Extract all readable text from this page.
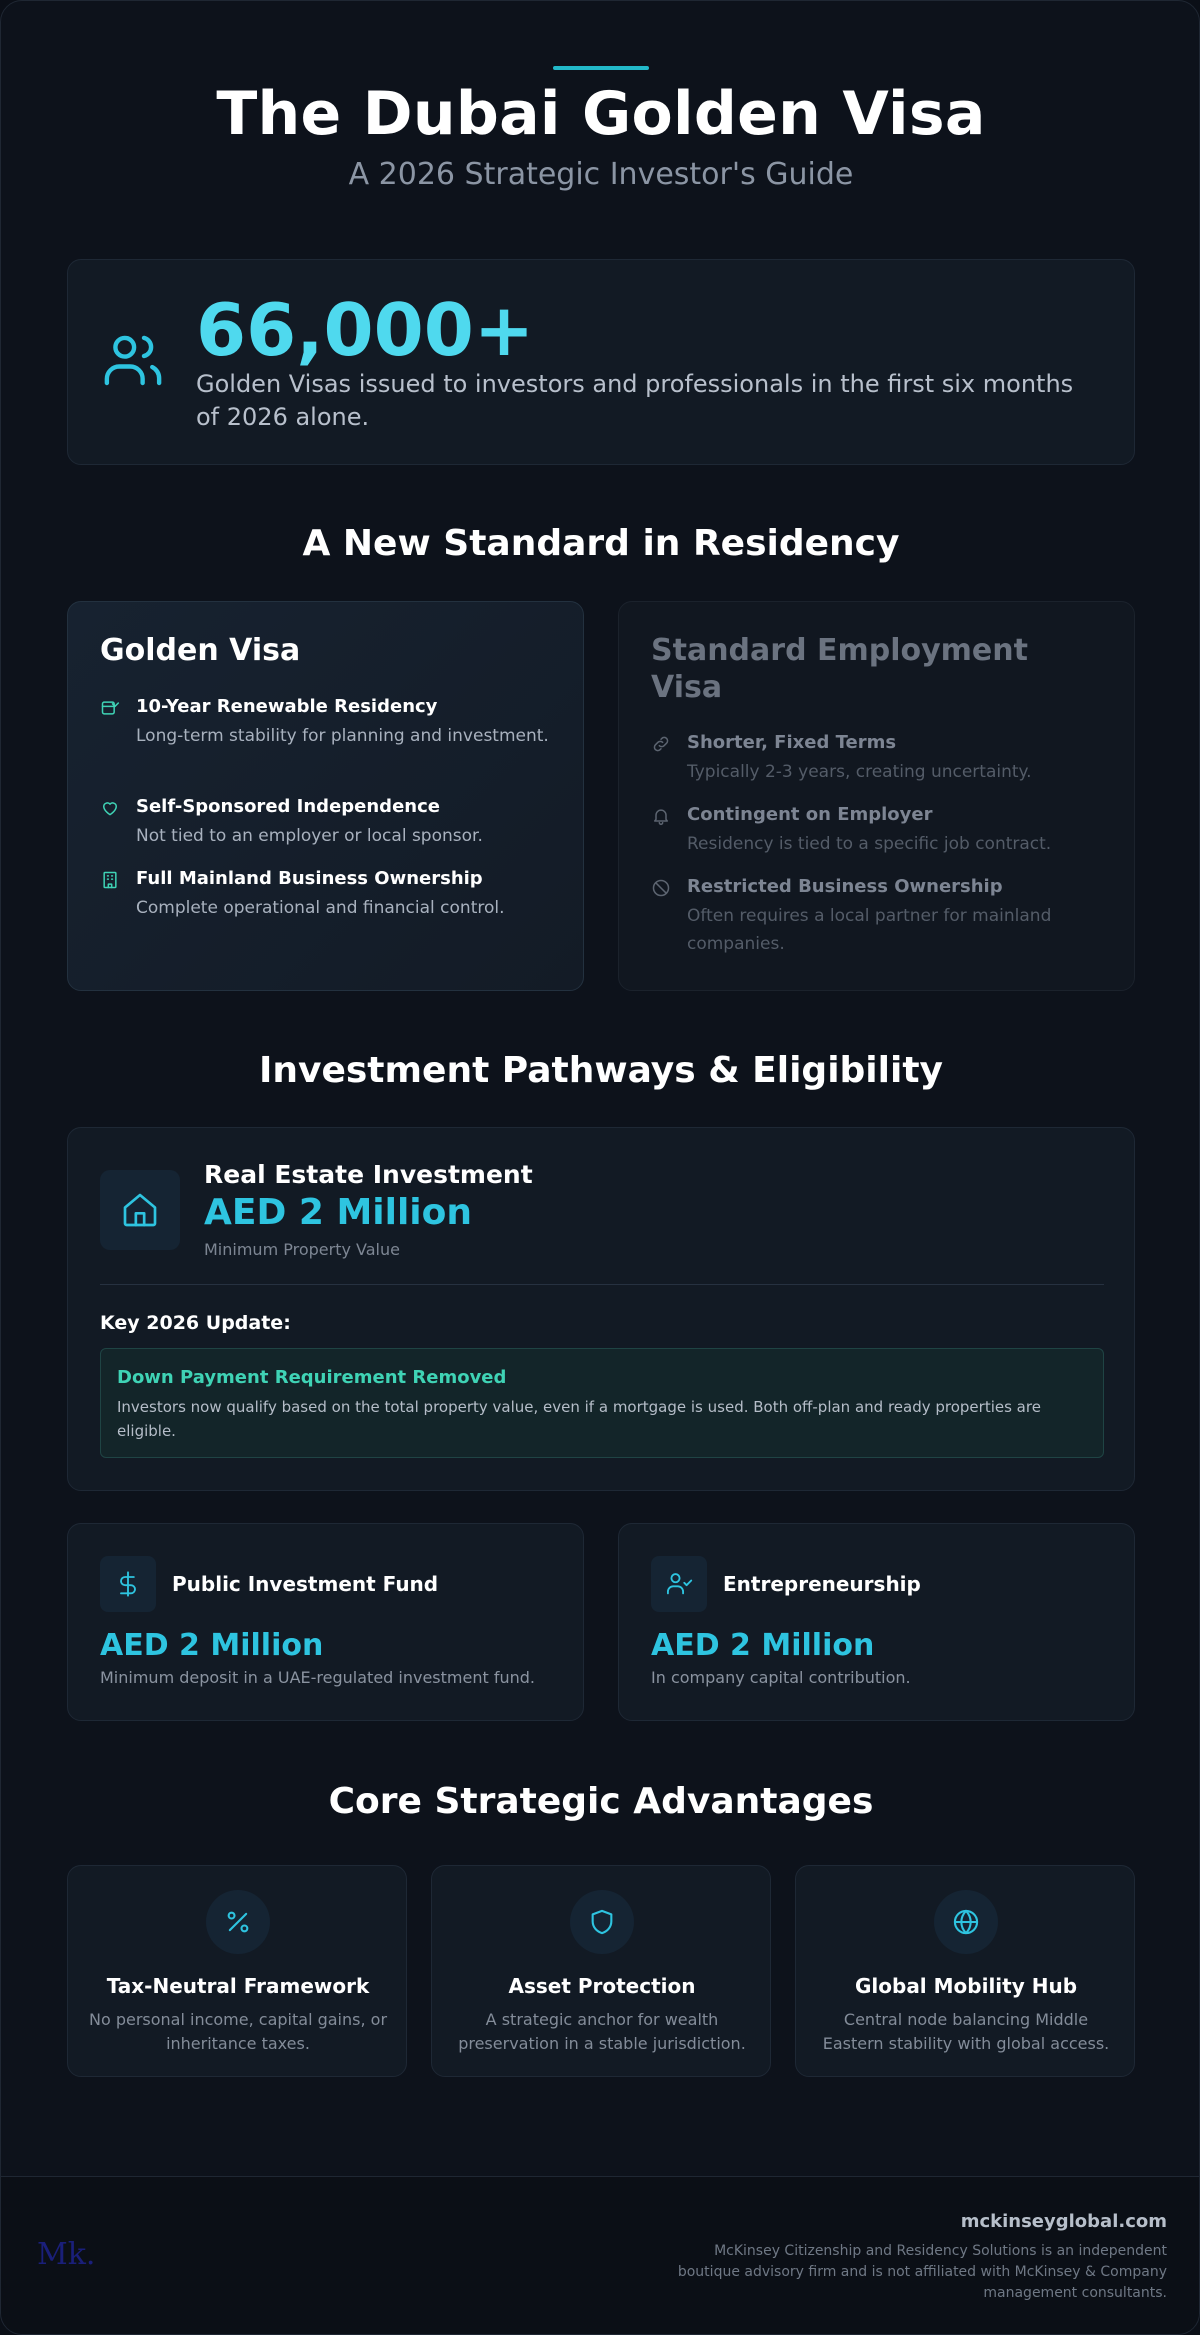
The Dubai Golden Visa
A 2026 Strategic Investor's Guide
66,000+
Golden Visas issued to investors and professionals in the first six months of 2026 alone.
A New Standard in Residency
Golden Visa
10-Year Renewable Residency
Long-term stability for planning and investment.
Self-Sponsored Independence
Not tied to an employer or local sponsor.
Full Mainland Business Ownership
Complete operational and financial control.
Standard Employment Visa
Shorter, Fixed Terms
Typically 2-3 years, creating uncertainty.
Contingent on Employer
Residency is tied to a specific job contract.
Restricted Business Ownership
Often requires a local partner for mainland companies.
Investment Pathways & Eligibility
Real Estate Investment
AED 2 Million
Minimum Property Value
Key 2026 Update:
Down Payment Requirement Removed
Investors now qualify based on the total property value, even if a mortgage is used. Both off-plan and ready properties are eligible.
Public Investment Fund
AED 2 Million
Minimum deposit in a UAE-regulated investment fund.
Entrepreneurship
AED 2 Million
In company capital contribution.
Core Strategic Advantages
Tax-Neutral Framework
No personal income, capital gains, or inheritance taxes.
Asset Protection
A strategic anchor for wealth preservation in a stable jurisdiction.
Global Mobility Hub
Central node balancing Middle Eastern stability with global access.
Mk.
mckinseyglobal.com
McKinsey Citizenship and Residency Solutions is an independent boutique advisory firm and is not affiliated with McKinsey & Company management consultants.
